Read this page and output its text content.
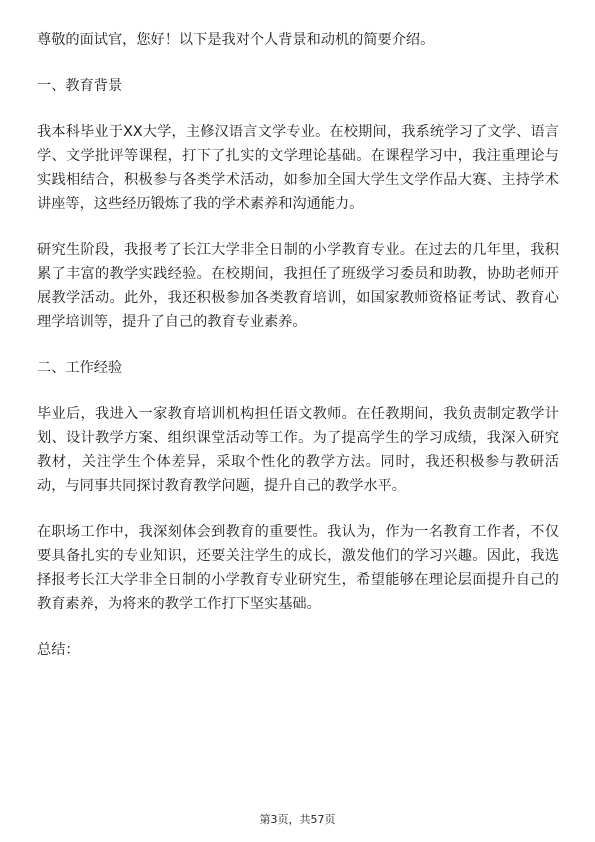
尊敬的面试官，您好！以下是我对个人背景和动机的简要介绍。

一、教育背景

我本科毕业于XX大学，主修汉语言文学专业。在校期间，我系统学习了文学、语言学、文学批评等课程，打下了扎实的文学理论基础。在课程学习中，我注重理论与实践相结合，积极参与各类学术活动，如参加全国大学生文学作品大赛、主持学术讲座等，这些经历锻炼了我的学术素养和沟通能力。

研究生阶段，我报考了长江大学非全日制的小学教育专业。在过去的几年里，我积累了丰富的教学实践经验。在校期间，我担任了班级学习委员和助教，协助老师开展教学活动。此外，我还积极参加各类教育培训，如国家教师资格证考试、教育心理学培训等，提升了自己的教育专业素养。

二、工作经验

毕业后，我进入一家教育培训机构担任语文教师。在任教期间，我负责制定教学计划、设计教学方案、组织课堂活动等工作。为了提高学生的学习成绩，我深入研究教材，关注学生个体差异，采取个性化的教学方法。同时，我还积极参与教研活动，与同事共同探讨教育教学问题，提升自己的教学水平。

在职场工作中，我深刻体会到教育的重要性。我认为，作为一名教育工作者，不仅要具备扎实的专业知识，还要关注学生的成长，激发他们的学习兴趣。因此，我选择报考长江大学非全日制的小学教育专业研究生，希望能够在理论层面提升自己的教育素养，为将来的教学工作打下坚实基础。

总结：

第3页，共57页
